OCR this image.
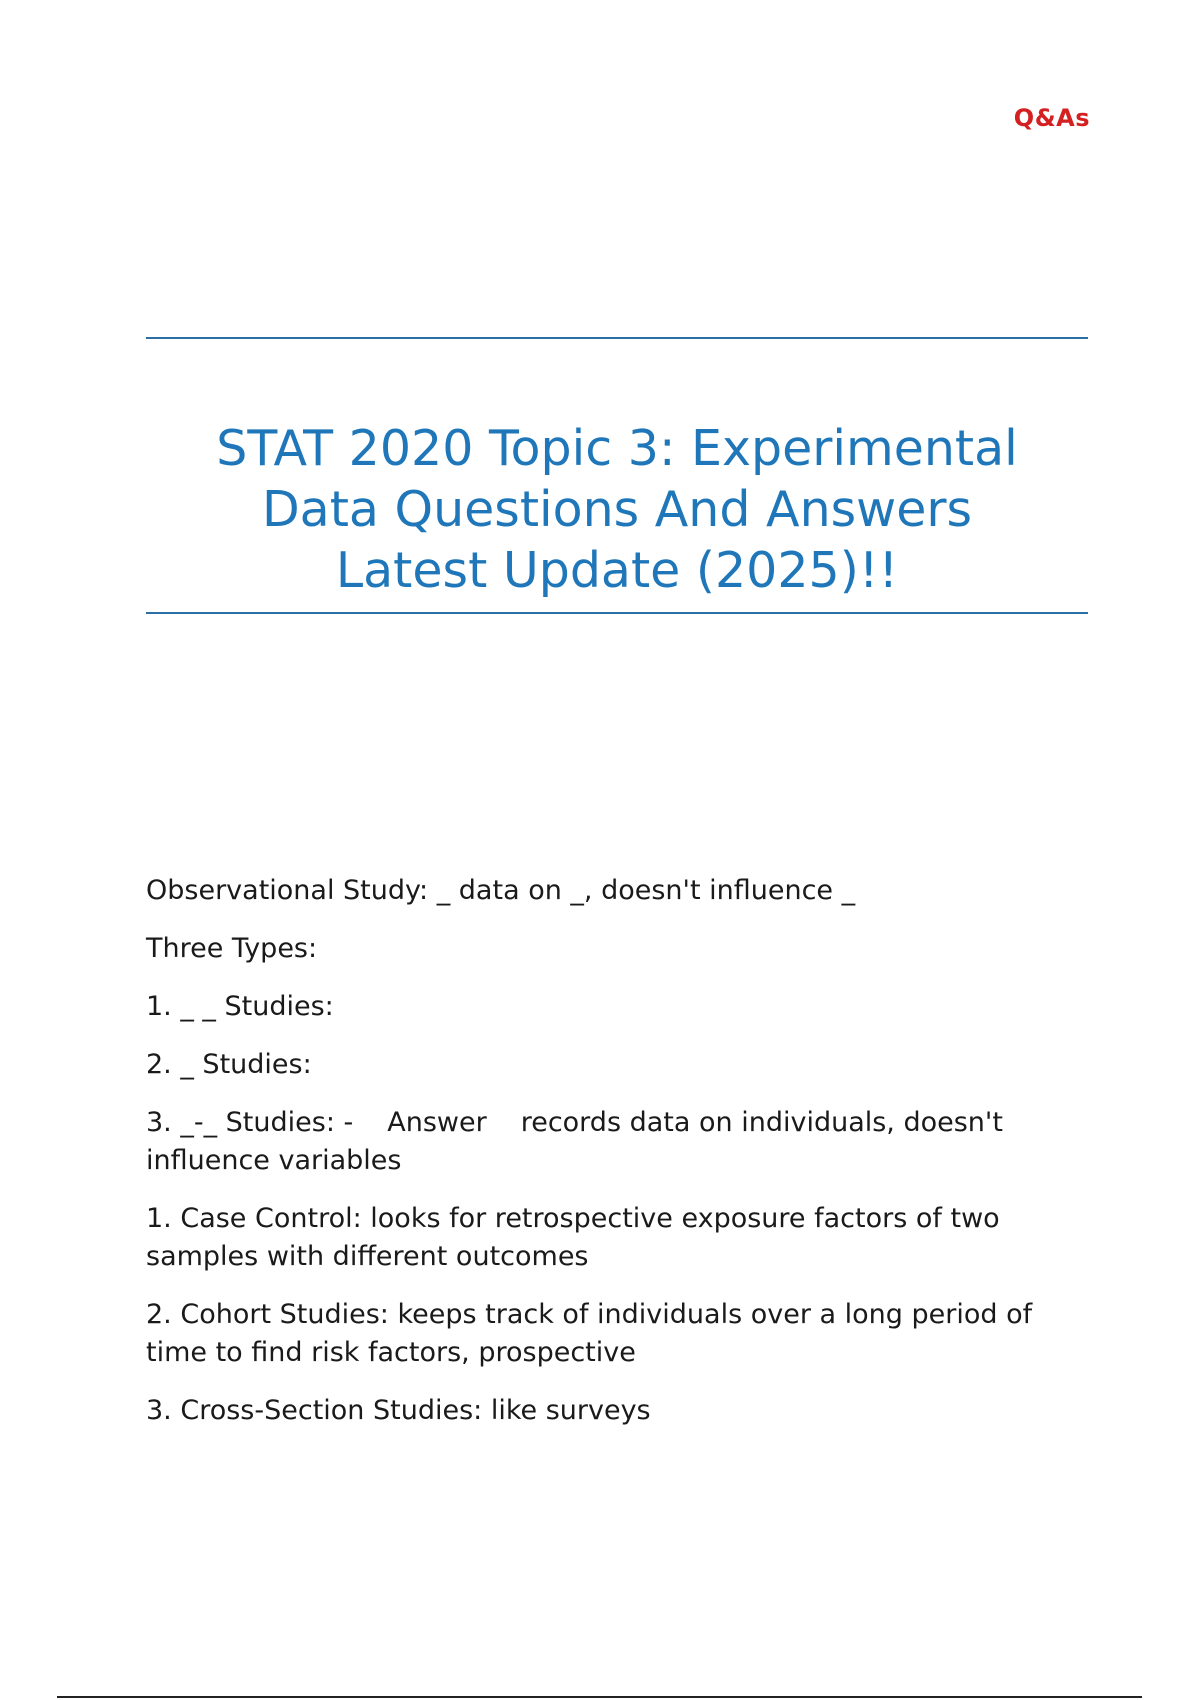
Q&As
STAT 2020 Topic 3: Experimental
Data Questions And Answers
Latest Update (2025)!!

Observational Study: _ data on _, doesn't influence _

Three Types:

1. _ _ Studies:

2. _ Studies:

3. _-_ Studies: - Answer records data on individuals, doesn't influence variables

1. Case Control: looks for retrospective exposure factors of two samples with different outcomes

2. Cohort Studies: keeps track of individuals over a long period of time to find risk factors, prospective

3. Cross-Section Studies: like surveys
